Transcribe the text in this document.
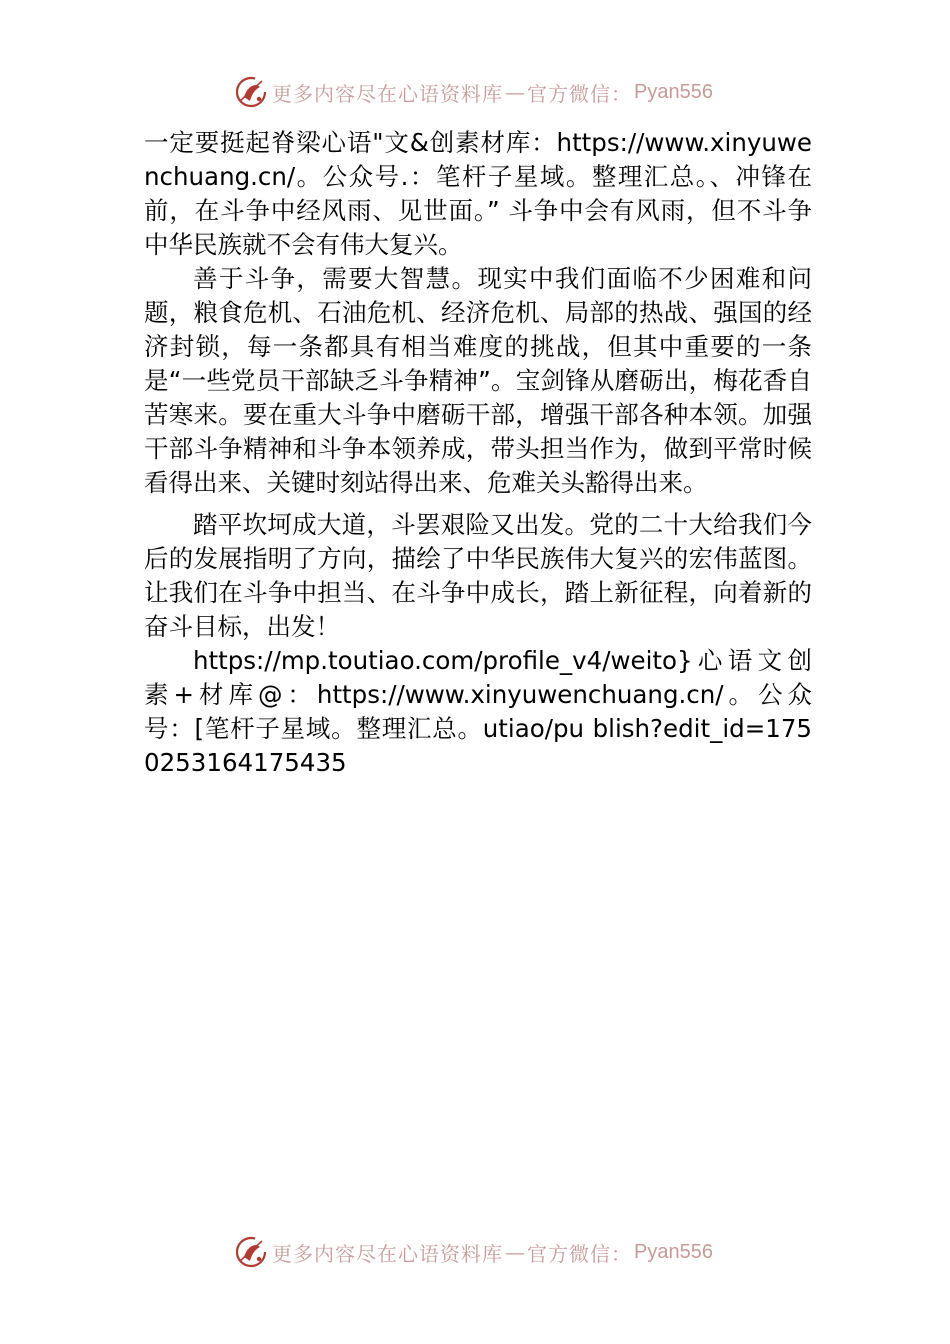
更多内容尽在心语资料库 — 官方微信： Pyan556

一定要挺起脊梁心语"文&创素材库：https://www.xinyuwenchuang.cn/。公众号.：笔杆子星域。整理汇总。、冲锋在前，在斗争中经风雨、见世面。” 斗争中会有风雨，但不斗争中华民族就不会有伟大复兴。

善于斗争，需要大智慧。现实中我们面临不少困难和问题，粮食危机、石油危机、经济危机、局部的热战、强国的经济封锁，每一条都具有相当难度的挑战，但其中重要的一条是“一些党员干部缺乏斗争精神”。宝剑锋从磨砺出，梅花香自苦寒来。要在重大斗争中磨砺干部，增强干部各种本领。加强干部斗争精神和斗争本领养成，带头担当作为，做到平常时候看得出来、关键时刻站得出来、危难关头豁得出来。

踏平坎坷成大道，斗罢艰险又出发。党的二十大给我们今后的发展指明了方向，描绘了中华民族伟大复兴的宏伟蓝图。让我们在斗争中担当、在斗争中成长，踏上新征程，向着新的奋斗目标，出发！

https://mp.toutiao.com/profile_v4/weito}心语文创素+材库@：https://www.xinyuwenchuang.cn/。公众号：[笔杆子星域。整理汇总。utiao/pu blish?edit_id=1750253164175435

更多内容尽在心语资料库 — 官方微信： Pyan556
